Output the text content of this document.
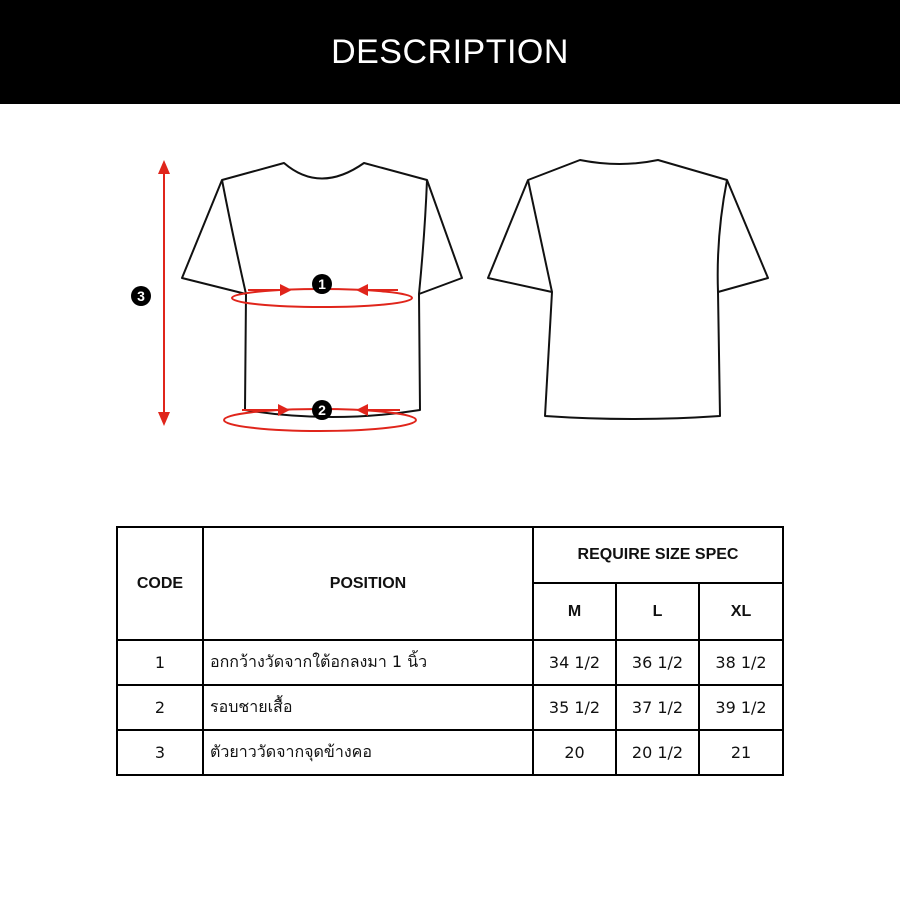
DESCRIPTION
1
2
3
CODE	POSITION	REQUIRE SIZE SPEC		
		M	L	XL
1	อกกว้างวัดจากใต้อกลงมา 1 นิ้ว	34 1/2	36 1/2	38 1/2
2	รอบชายเสื้อ	35 1/2	37 1/2	39 1/2
3	ตัวยาววัดจากจุดข้างคอ	20	20 1/2	21
